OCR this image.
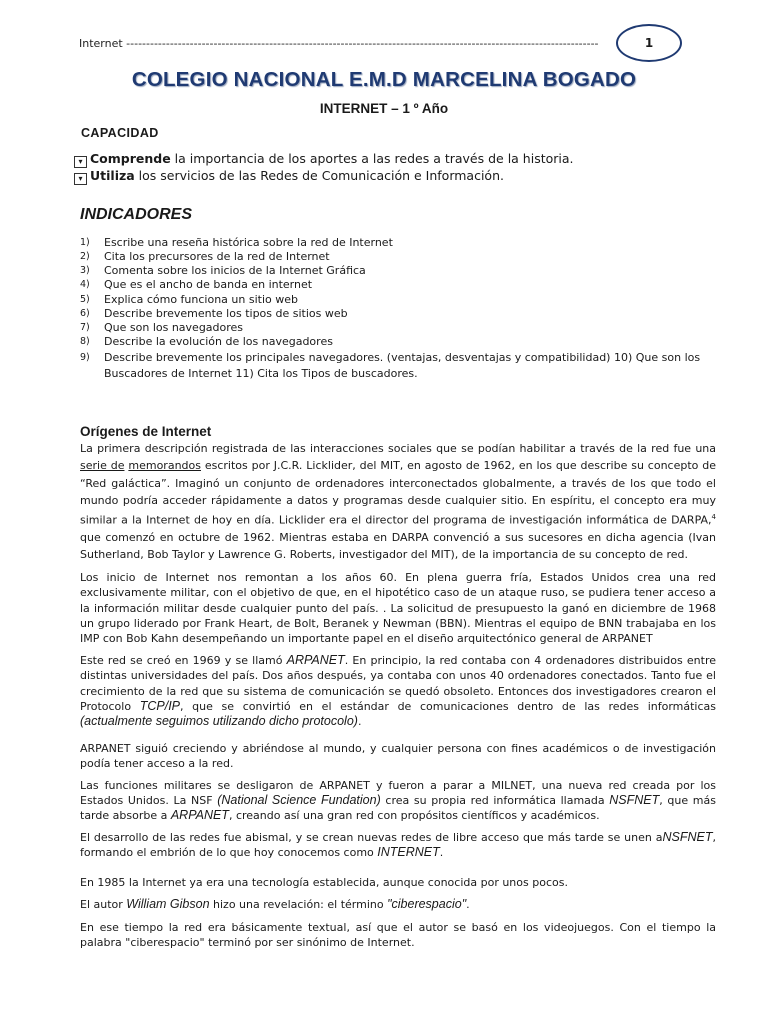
Internet -----------------------------------------------------------------------------------------------------------------------	1
COLEGIO NACIONAL E.M.D MARCELINA BOGADO
INTERNET – 1 º Año
CAPACIDAD
▾ Comprende la importancia de los aportes a las redes a través de la historia.
▾ Utiliza los servicios de las Redes de Comunicación e Información.
INDICADORES
1) Escribe una reseña histórica sobre la red de Internet
2) Cita los precursores de la red de Internet
3) Comenta sobre los inicios de la Internet Gráfica
4) Que es el ancho de banda en internet
5) Explica cómo funciona un sitio web
6) Describe brevemente los tipos de sitios web
7) Que son los navegadores
8) Describe la evolución de los navegadores
9) Describe brevemente los principales navegadores. (ventajas, desventajas y compatibilidad) 10) Que son los Buscadores de Internet 11) Cita los Tipos de buscadores.
Orígenes de Internet
La primera descripción registrada de las interacciones sociales que se podían habilitar a través de la red fue una serie de memorandos escritos por J.C.R. Licklider, del MIT, en agosto de 1962, en los que describe su concepto de “Red galáctica”. Imaginó un conjunto de ordenadores interconectados globalmente, a través de los que todo el mundo podría acceder rápidamente a datos y programas desde cualquier sitio. En espíritu, el concepto era muy similar a la Internet de hoy en día. Licklider era el director del programa de investigación informática de DARPA,$^4$ que comenzó en octubre de 1962. Mientras estaba en DARPA convenció a sus sucesores en dicha agencia (Ivan Sutherland, Bob Taylor y Lawrence G. Roberts, investigador del MIT), de la importancia de su concepto de red.
Los inicio de Internet nos remontan a los años 60. En plena guerra fría, Estados Unidos crea una red exclusivamente militar, con el objetivo de que, en el hipotético caso de un ataque ruso, se pudiera tener acceso a la información militar desde cualquier punto del país. . La solicitud de presupuesto la ganó en diciembre de 1968 un grupo liderado por Frank Heart, de Bolt, Beranek y Newman (BBN). Mientras el equipo de BNN trabajaba en los IMP con Bob Kahn desempeñando un importante papel en el diseño arquitectónico general de ARPANET
Este red se creó en 1969 y se llamó ARPANET. En principio, la red contaba con 4 ordenadores distribuidos entre distintas universidades del país. Dos años después, ya contaba con unos 40 ordenadores conectados. Tanto fue el crecimiento de la red que su sistema de comunicación se quedó obsoleto. Entonces dos investigadores crearon el Protocolo TCP/IP, que se convirtió en el estándar de comunicaciones dentro de las redes informáticas (actualmente seguimos utilizando dicho protocolo).
ARPANET siguió creciendo y abriéndose al mundo, y cualquier persona con fines académicos o de investigación podía tener acceso a la red.
Las funciones militares se desligaron de ARPANET y fueron a parar a MILNET, una nueva red creada por los Estados Unidos. La NSF (National Science Fundation) crea su propia red informática llamada NSFNET, que más tarde absorbe a ARPANET, creando así una gran red con propósitos científicos y académicos.
El desarrollo de las redes fue abismal, y se crean nuevas redes de libre acceso que más tarde se unen aNSFNET, formando el embrión de lo que hoy conocemos como INTERNET.
En 1985 la Internet ya era una tecnología establecida, aunque conocida por unos pocos.
El autor William Gibson hizo una revelación: el término "ciberespacio".
En ese tiempo la red era básicamente textual, así que el autor se basó en los videojuegos. Con el tiempo la palabra "ciberespacio" terminó por ser sinónimo de Internet.
